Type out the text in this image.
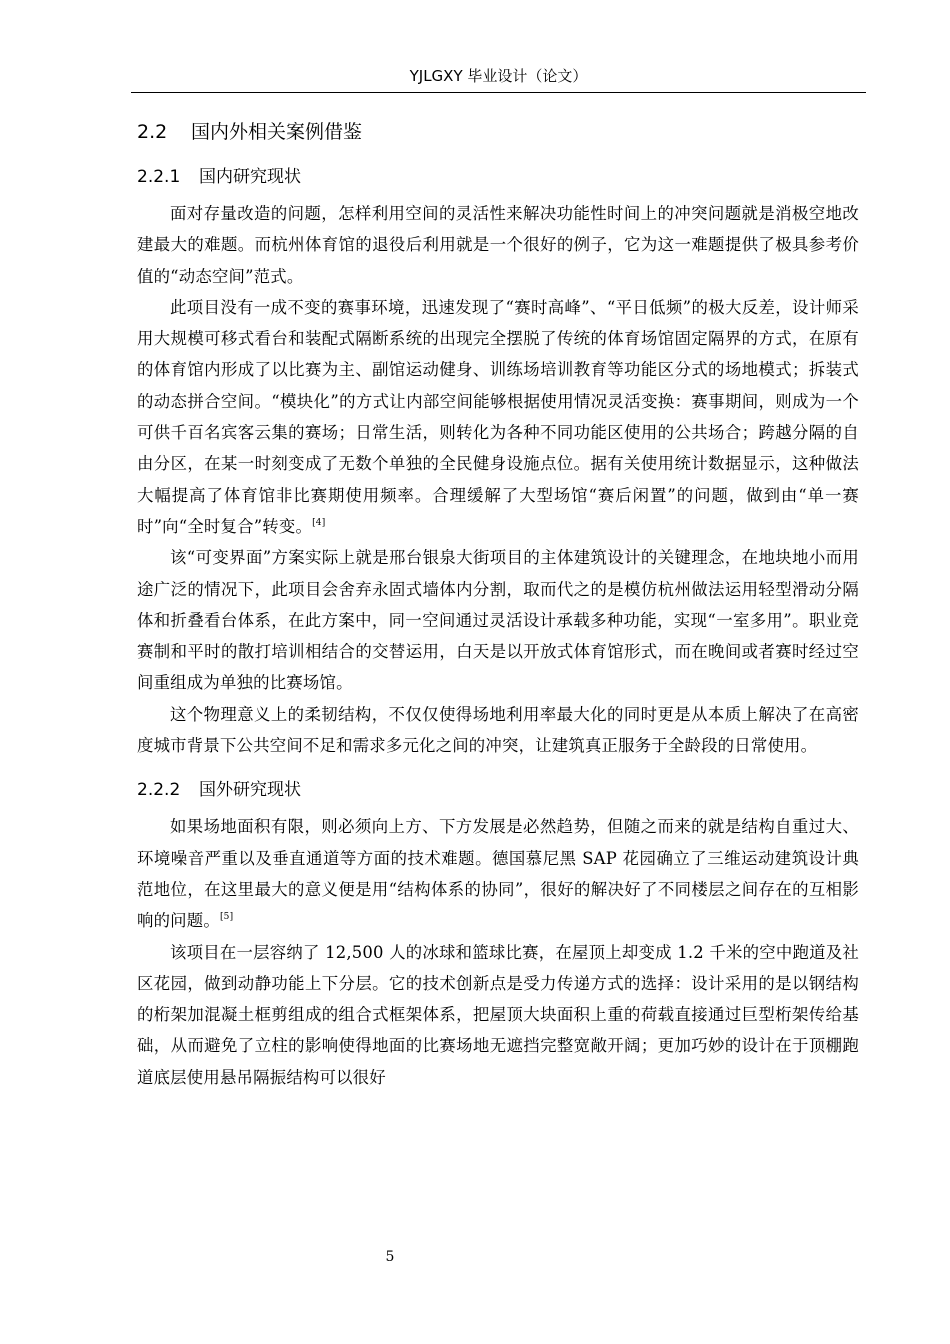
YJLGXY 毕业设计（论文）
2.2 国内外相关案例借鉴
2.2.1 国内研究现状

面对存量改造的问题，怎样利用空间的灵活性来解决功能性时间上的冲突问题就是消极空地改建最大的难题。而杭州体育馆的退役后利用就是一个很好的例子，它为这一难题提供了极具参考价值的“动态空间”范式。

此项目没有一成不变的赛事环境，迅速发现了“赛时高峰”、“平日低频”的极大反差，设计师采用大规模可移式看台和装配式隔断系统的出现完全摆脱了传统的体育场馆固定隔界的方式，在原有的体育馆内形成了以比赛为主、副馆运动健身、训练场培训教育等功能区分式的场地模式；拆装式的动态拼合空间。“模块化”的方式让内部空间能够根据使用情况灵活变换：赛事期间，则成为一个可供千百名宾客云集的赛场；日常生活，则转化为各种不同功能区使用的公共场合；跨越分隔的自由分区，在某一时刻变成了无数个单独的全民健身设施点位。据有关使用统计数据显示，这种做法大幅提高了体育馆非比赛期使用频率。合理缓解了大型场馆“赛后闲置”的问题，做到由“单一赛时”向“全时复合”转变。[4]

该“可变界面”方案实际上就是邢台银泉大街项目的主体建筑设计的关键理念，在地块地小而用途广泛的情况下，此项目会舍弃永固式墙体内分割，取而代之的是模仿杭州做法运用轻型滑动分隔体和折叠看台体系，在此方案中，同一空间通过灵活设计承载多种功能，实现“一室多用”。职业竞赛制和平时的散打培训相结合的交替运用，白天是以开放式体育馆形式，而在晚间或者赛时经过空间重组成为单独的比赛场馆。

这个物理意义上的柔韧结构，不仅仅使得场地利用率最大化的同时更是从本质上解决了在高密度城市背景下公共空间不足和需求多元化之间的冲突，让建筑真正服务于全龄段的日常使用。

2.2.2 国外研究现状

如果场地面积有限，则必须向上方、下方发展是必然趋势，但随之而来的就是结构自重过大、环境噪音严重以及垂直通道等方面的技术难题。德国慕尼黑 SAP 花园确立了三维运动建筑设计典范地位，在这里最大的意义便是用“结构体系的协同”，很好的解决好了不同楼层之间存在的互相影响的问题。[5]

该项目在一层容纳了 12,500 人的冰球和篮球比赛，在屋顶上却变成 1.2 千米的空中跑道及社区花园，做到动静功能上下分层。它的技术创新点是受力传递方式的选择：设计采用的是以钢结构的桁架加混凝土框剪组成的组合式框架体系，把屋顶大块面积上重的荷载直接通过巨型桁架传给基础，从而避免了立柱的影响使得地面的比赛场地无遮挡完整宽敞开阔；更加巧妙的设计在于顶棚跑道底层使用悬吊隔振结构可以很好

5
